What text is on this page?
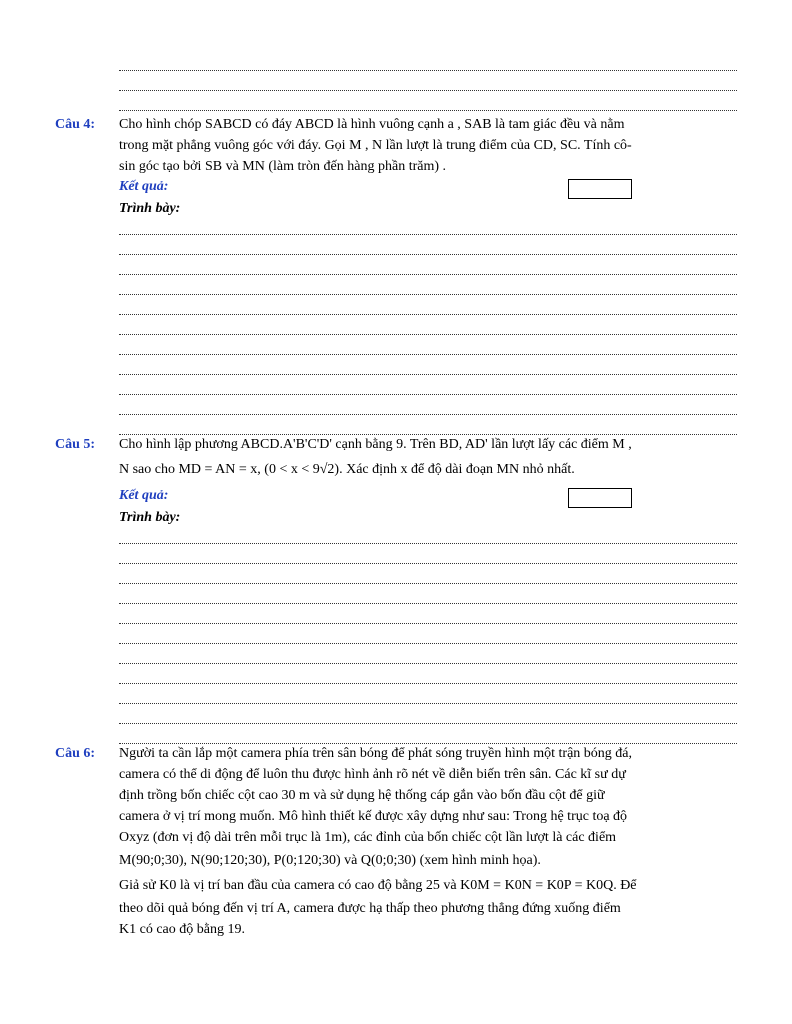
Câu 4: Cho hình chóp SABCD có đáy ABCD là hình vuông cạnh a , SAB là tam giác đều và nằm
trong mặt phẳng vuông góc với đáy. Gọi M , N lần lượt là trung điểm của CD, SC. Tính cô-
sin góc tạo bởi SB và MN (làm tròn đến hàng phần trăm) .
Kết quả:
Trình bày:
Câu 5: Cho hình lập phương ABCD.A'B'C'D' cạnh bằng 9. Trên BD, AD' lần lượt lấy các điểm M ,
N sao cho MD = AN = x, (0 < x < 9√2). Xác định x để độ dài đoạn MN nhỏ nhất.
Kết quả:
Trình bày:
Câu 6: Người ta cần lắp một camera phía trên sân bóng để phát sóng truyền hình một trận bóng đá,
camera có thể di động để luôn thu được hình ảnh rõ nét về diễn biến trên sân. Các kĩ sư dự
định trồng bốn chiếc cột cao 30 m và sử dụng hệ thống cáp gắn vào bốn đầu cột để giữ
camera ở vị trí mong muốn. Mô hình thiết kế được xây dựng như sau: Trong hệ trục toạ độ
Oxyz (đơn vị độ dài trên mỗi trục là 1m), các đỉnh của bốn chiếc cột lần lượt là các điểm
M(90;0;30), N(90;120;30), P(0;120;30) và Q(0;0;30) (xem hình minh họa).
Giả sử K0 là vị trí ban đầu của camera có cao độ bằng 25 và K0M = K0N = K0P = K0Q. Để
theo dõi quả bóng đến vị trí A, camera được hạ thấp theo phương thẳng đứng xuống điểm
K1 có cao độ bằng 19.
